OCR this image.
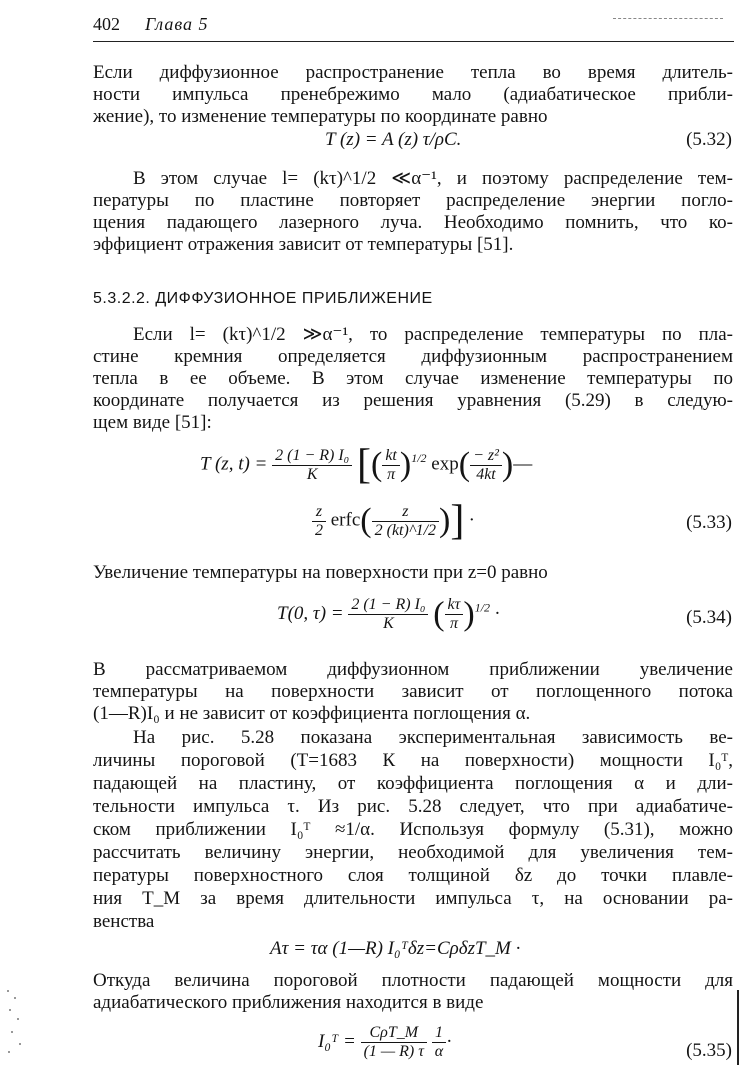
402 Глава 5
Если диффузионное распространение тепла во время длитель-
ности импульса пренебрежимо мало (адиабатическое прибли-
жение), то изменение температуры по координате равно
T (z) = A (z) τ/ρC.	(5.32)
В этом случае l= (kτ)^1/2 ≪α⁻¹, и поэтому распределение тем-
пературы по пластине повторяет распределение энергии погло-
щения падающего лазерного луча. Необходимо помнить, что ко-
эффициент отражения зависит от температуры [51].
5.3.2.2. ДИФФУЗИОННОЕ ПРИБЛИЖЕНИЕ
Если l= (kτ)^1/2 ≫α⁻¹, то распределение температуры по пла-
стине кремния определяется диффузионным распространением
тепла в ее объеме. В этом случае изменение температуры по
координате получается из решения уравнения (5.29) в следую-
щем виде [51]:
T (z, $t) = \frac{\text{2 (1 − R) I₀}}{K}$ [( $\frac{kt}{\pi} )^{1/2}$ $\exp( \frac{\text{− z²}}{4kt}$ )—
$\frac{z}{2}$ erfc( $\frac{z}{2 (kt)\^{}1/2}$ )] ·	(5.33)
Увеличение температуры на поверхности при z=0 равно
T(0, $\tau) = \frac{\text{2 (1 − R) I₀}}{K}$ ( $\frac{k\tau}{\pi} )^{1/2}$ ·	(5.34)
В рассматриваемом диффузионном приближении увеличение
температуры на поверхности зависит от поглощенного потока
(1—R)I₀ и не зависит от коэффициента поглощения α.
На рис. 5.28 показана экспериментальная зависимость ве-
личины пороговой (T=1683 К на поверхности) мощности I₀ᵀ,
падающей на пластину, от коэффициента поглощения α и дли-
тельности импульса τ. Из рис. 5.28 следует, что при адиабатиче-
ском приближении I₀ᵀ ≈1/α. Используя формулу (5.31), можно
рассчитать величину энергии, необходимой для увеличения тем-
пературы поверхностного слоя толщиной δz до точки плавле-
ния T_M за время длительности импульса τ, на основании ра-
венства
Aτ = τα (1—R) I₀ᵀδz=CρδzT_M ·
Откуда величина пороговой плотности падающей мощности для
адиабатического приближения находится в виде
I₀ᵀ = $\frac{\text{CρT\_M}}{(1 — R) \tau}$
$\frac{1}{\alpha}$ ·	(5.35)
